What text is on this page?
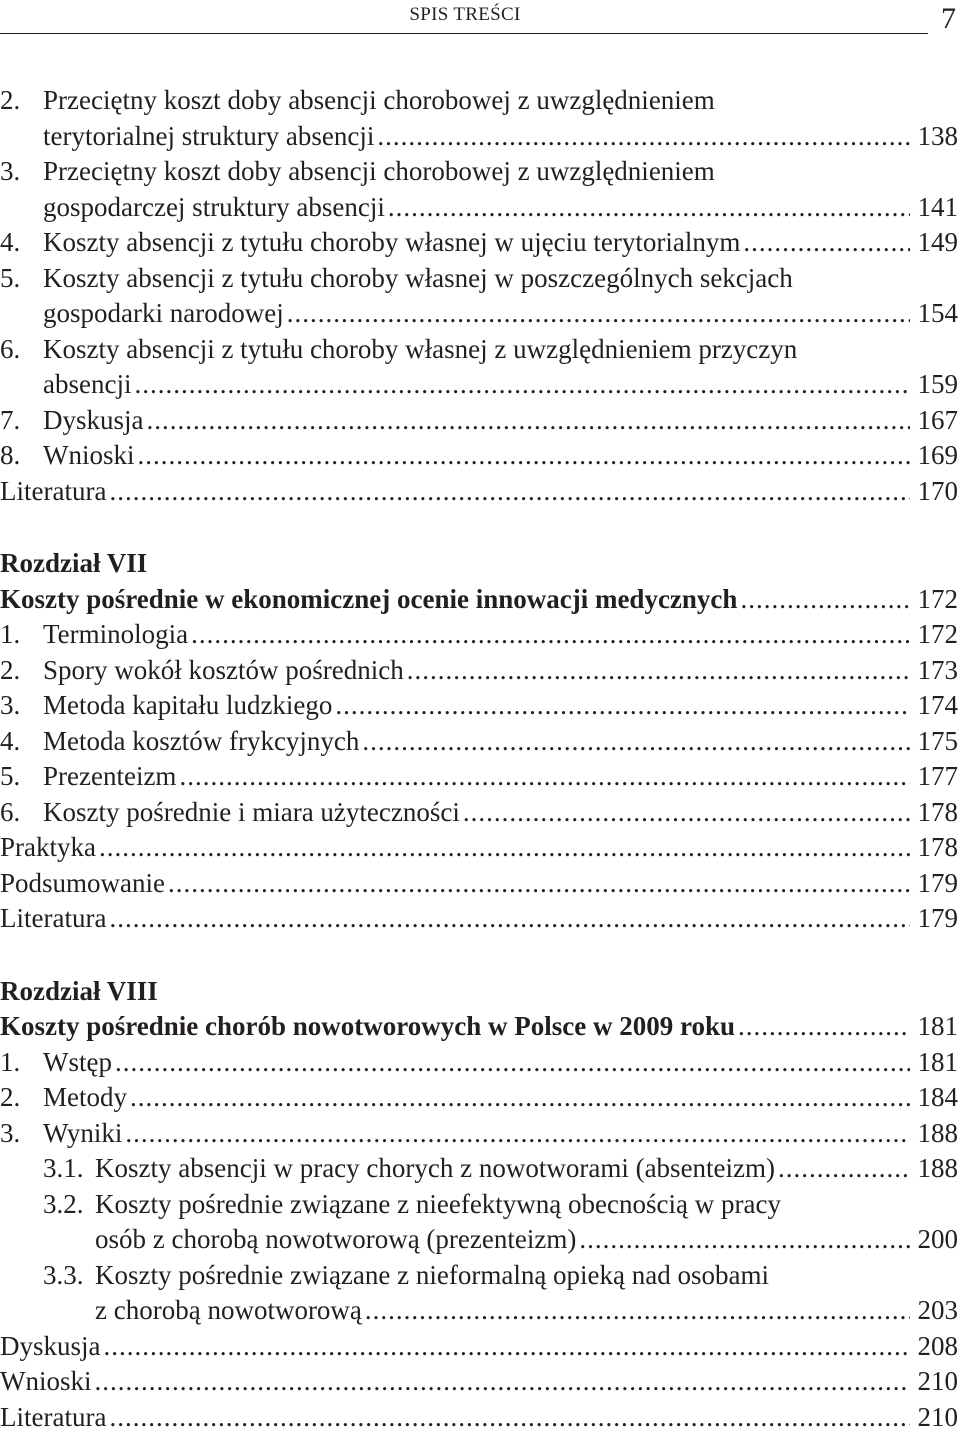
SPIS TREŚCI	7
2. Przeciętny koszt doby absencji chorobowej z uwzględnieniem
terytorialnej struktury absencji .....	138
3. Przeciętny koszt doby absencji chorobowej z uwzględnieniem
gospodarczej struktury absencji .....	141
4. Koszty absencji z tytułu choroby własnej w ujęciu terytorialnym .....	149
5. Koszty absencji z tytułu choroby własnej w poszczególnych sekcjach
gospodarki narodowej .....	154
6. Koszty absencji z tytułu choroby własnej z uwzględnieniem przyczyn
absencji .....	159
7. Dyskusja .....	167
8. Wnioski .....	169
Literatura .....	170
Rozdział VII
Koszty pośrednie w ekonomicznej ocenie innowacji medycznych .....	172
1. Terminologia .....	172
2. Spory wokół kosztów pośrednich .....	173
3. Metoda kapitału ludzkiego .....	174
4. Metoda kosztów frykcyjnych .....	175
5. Prezenteizm .....	177
6. Koszty pośrednie i miara użyteczności .....	178
Praktyka .....	178
Podsumowanie .....	179
Literatura .....	179
Rozdział VIII
Koszty pośrednie chorób nowotworowych w Polsce w 2009 roku .....	181
1. Wstęp .....	181
2. Metody .....	184
3. Wyniki .....	188
3.1. Koszty absencji w pracy chorych z nowotworami (absenteizm) .....	188
3.2. Koszty pośrednie związane z nieefektywną obecnością w pracy
osób z chorobą nowotworową (prezenteizm) .....	200
3.3. Koszty pośrednie związane z nieformalną opieką nad osobami
z chorobą nowotworową .....	203
Dyskusja .....	208
Wnioski .....	210
Literatura .....	210
